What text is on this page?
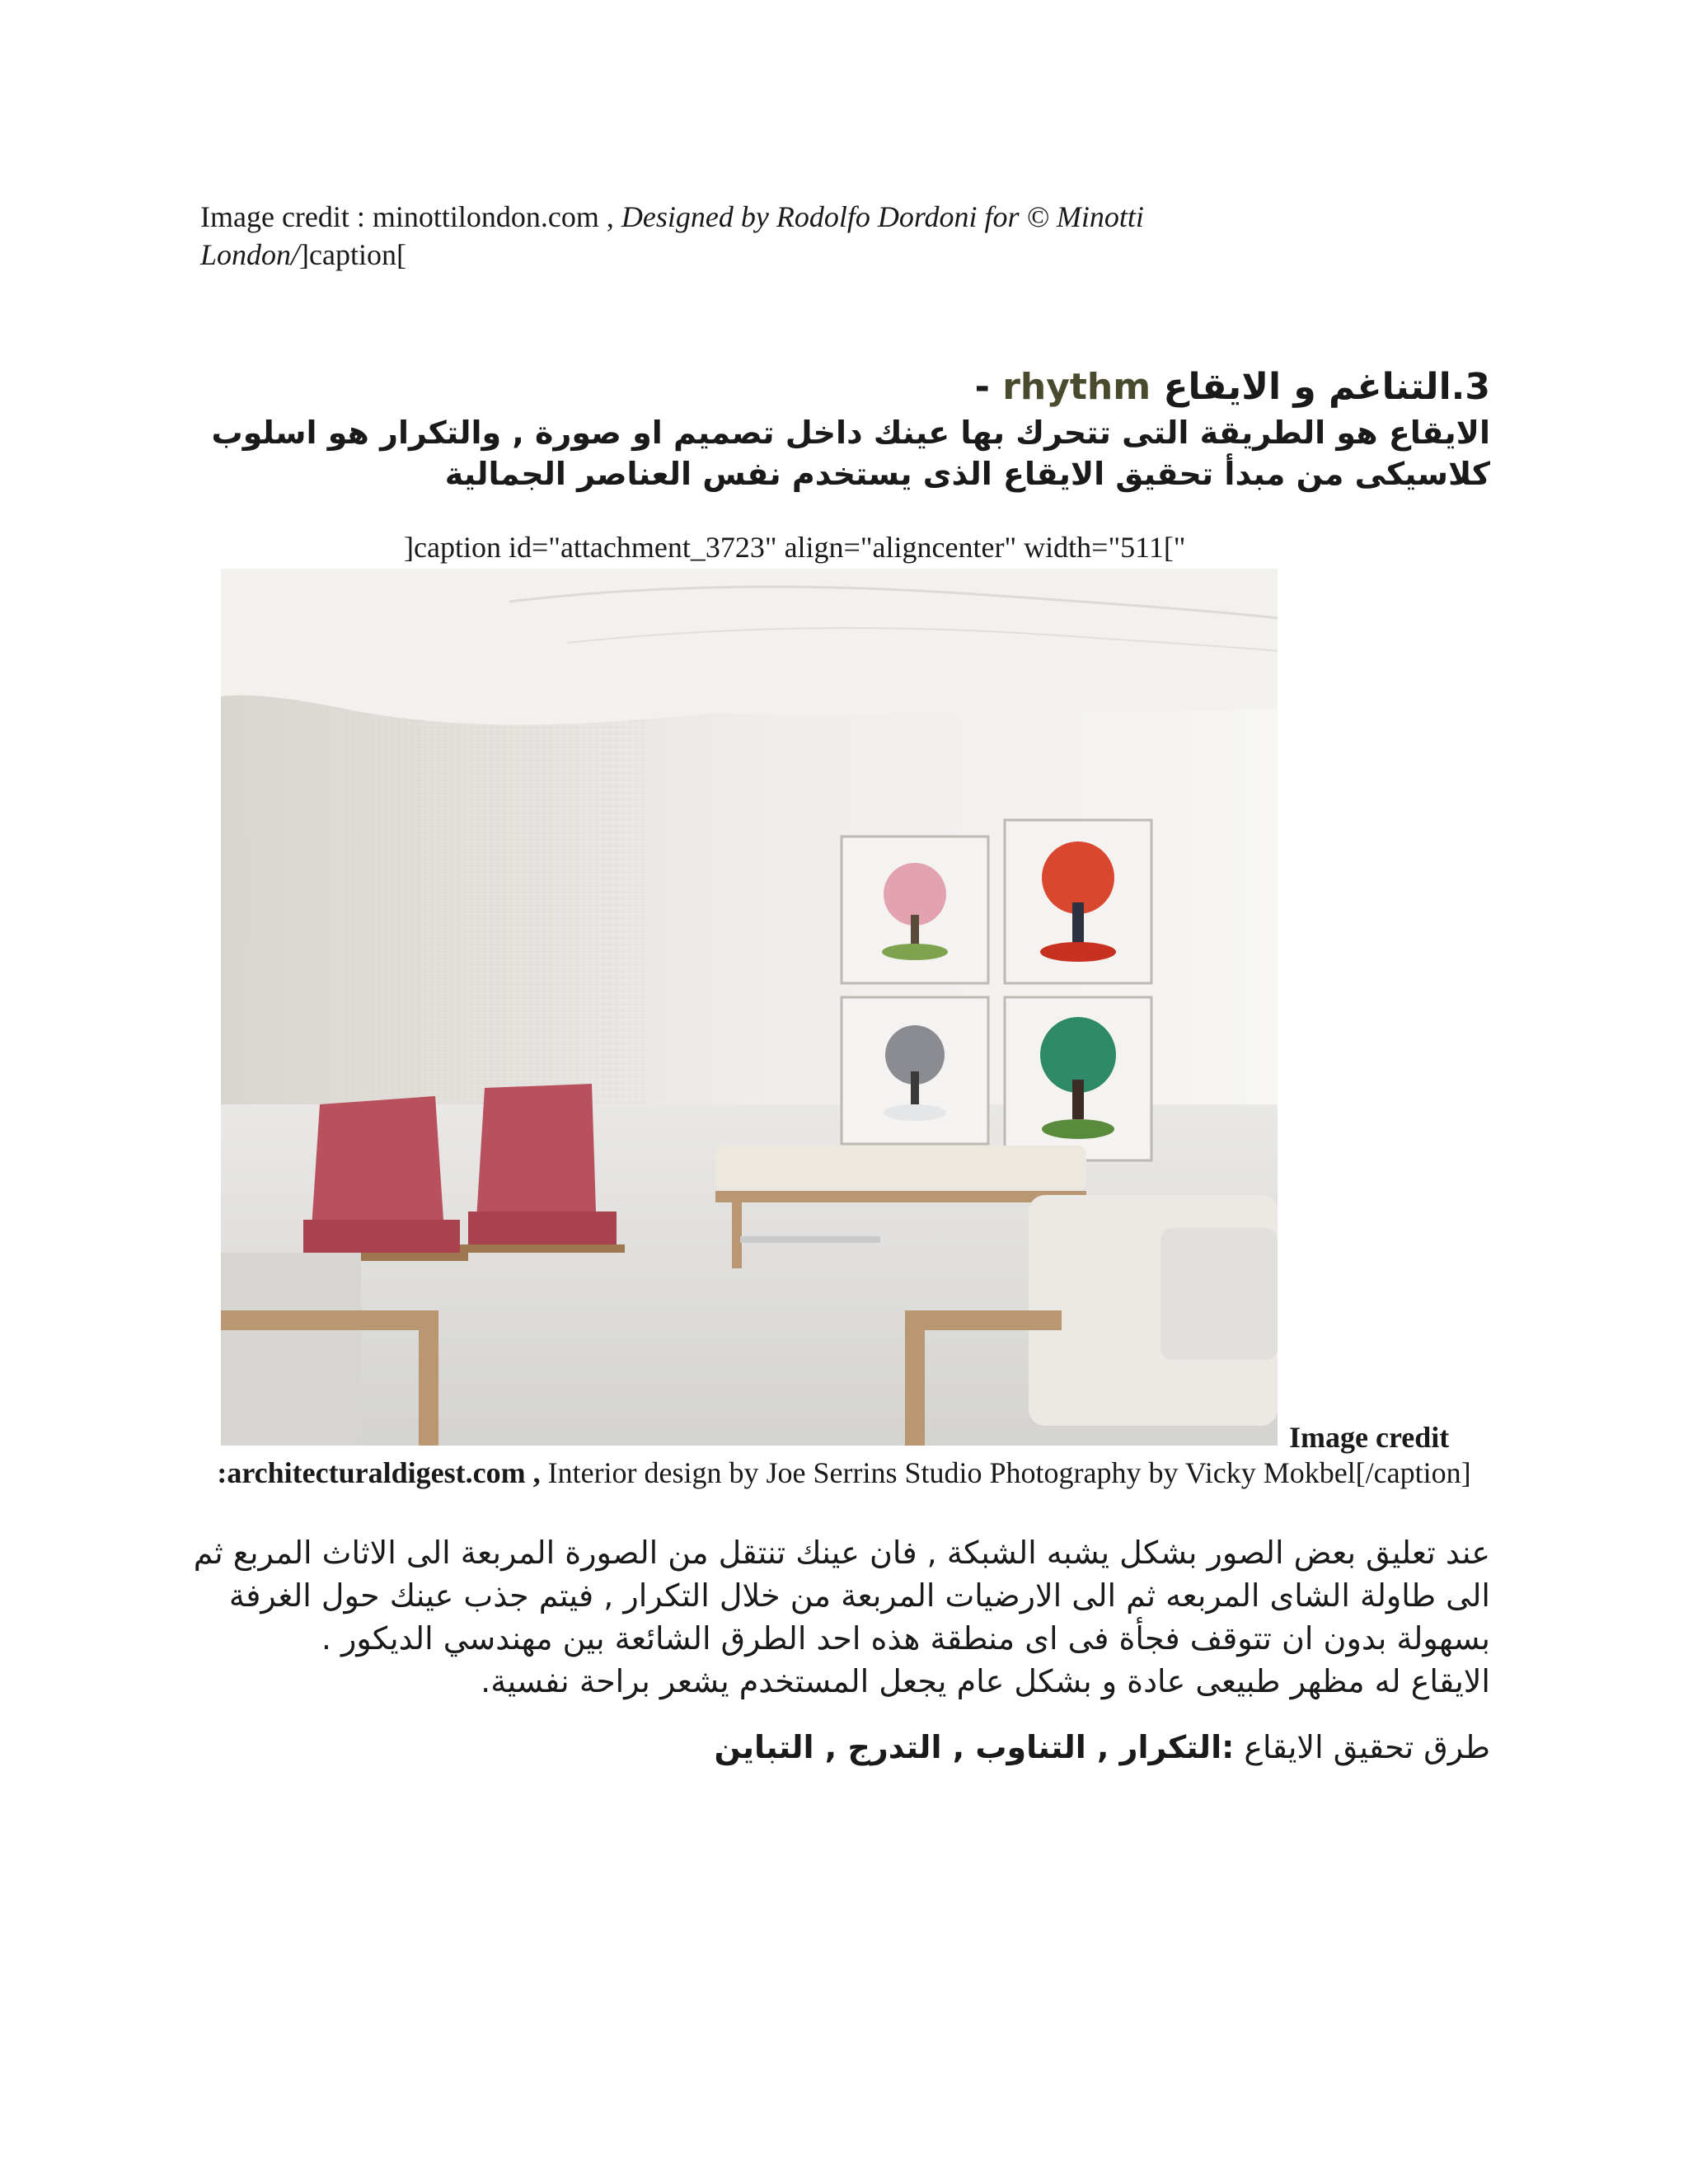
Image credit : minottilondon.com , Designed by Rodolfo Dordoni for © Minotti London/]caption[
3.التناغم و الايقاع rhythm -
الايقاع هو الطريقة التى تتحرك بها عينك داخل تصميم او صورة , والتكرار هو اسلوب كلاسيكى من مبدأ تحقيق الايقاع الذى يستخدم نفس العناصر الجمالية
]caption id="attachment_3723" align="aligncenter" width="511["
Image credit
:architecturaldigest.com , Interior design by Joe Serrins Studio Photography by Vicky Mokbel[/caption]
عند تعليق بعض الصور بشكل يشبه الشبكة , فان عينك تنتقل من الصورة المربعة الى الاثاث المربع ثم الى طاولة الشاى المربعه ثم الى الارضيات المربعة من خلال التكرار , فيتم جذب عينك حول الغرفة بسهولة بدون ان تتوقف فجأة فى اى منطقة هذه احد الطرق الشائعة بين مهندسي الديكور .
الايقاع له مظهر طبيعى عادة و بشكل عام يجعل المستخدم يشعر براحة نفسية.
طرق تحقيق الايقاع :التكرار , التناوب , التدرج , التباين
